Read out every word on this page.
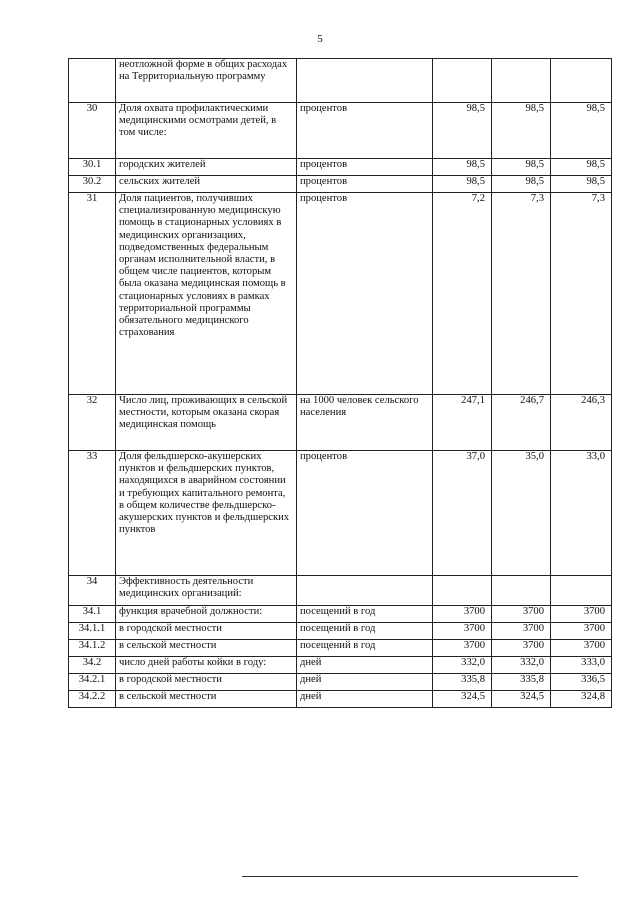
5
	неотложной форме в общих расходах на Территориальную программу				
30	Доля охвата профилактическими медицинскими осмотрами детей, в том числе:	процентов	98,5	98,5	98,5
30.1	городских жителей	процентов	98,5	98,5	98,5
30.2	сельских жителей	процентов	98,5	98,5	98,5
31	Доля пациентов, получивших специализированную медицинскую помощь в стационарных условиях в медицинских организациях, подведомственных федеральным органам исполнительной власти, в общем числе пациентов, которым была оказана медицинская помощь в стационарных условиях в рамках территориальной программы обязательного медицинского страхования	процентов	7,2	7,3	7,3
32	Число лиц, проживающих в сельской местности, которым оказана скорая медицинская помощь	на 1000 человек сельского населения	247,1	246,7	246,3
33	Доля фельдшерско-акушерских пунктов и фельдшерских пунктов, находящихся в аварийном состоянии и требующих капитального ремонта, в общем количестве фельдшерско-акушерских пунктов и фельдшерских пунктов	процентов	37,0	35,0	33,0
34	Эффективность деятельности медицинских организаций:				
34.1	функция врачебной должности:	посещений в год	3700	3700	3700
34.1.1	в городской местности	посещений в год	3700	3700	3700
34.1.2	в сельской местности	посещений в год	3700	3700	3700
34.2	число дней работы койки в году:	дней	332,0	332,0	333,0
34.2.1	в городской местности	дней	335,8	335,8	336,5
34.2.2	в сельской местности	дней	324,5	324,5	324,8
